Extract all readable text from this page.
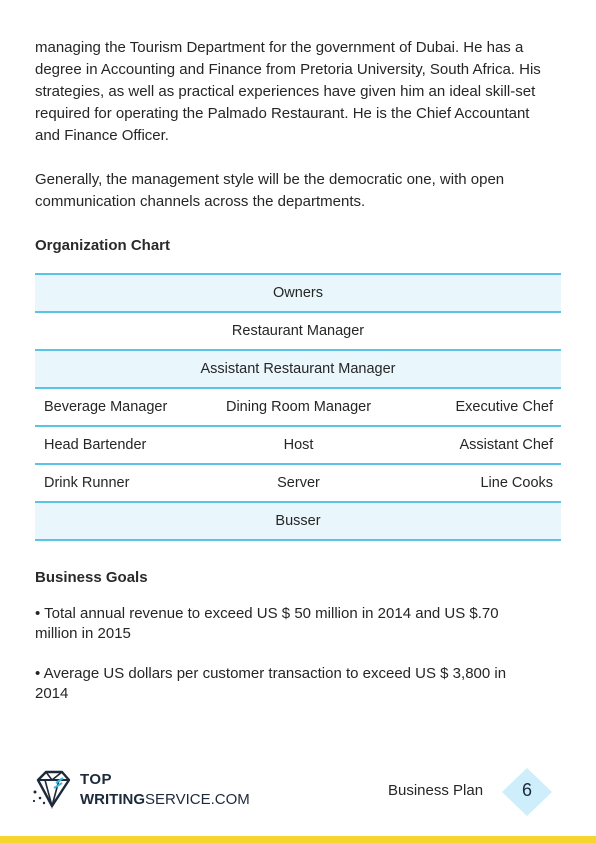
managing the Tourism Department for the government of Dubai. He has a
degree in Accounting and Finance from Pretoria University, South Africa. His
strategies, as well as practical experiences have given him an ideal skill-set
required for operating the Palmado Restaurant. He is the Chief Accountant
and Finance Officer.
Generally, the management style will be the democratic one, with open
communication channels across the departments.
Organization Chart
Owners
Restaurant Manager
Assistant Restaurant Manager
Beverage Manager	Dining Room Manager	Executive Chef
Head Bartender	Host	Assistant Chef
Drink Runner	Server	Line Cooks
Busser
Business Goals
• Total annual revenue to exceed US $ 50 million in 2014 and US $.70
million in 2015
• Average US dollars per customer transaction to exceed US $ 3,800 in
2014
TOP
WRITINGSERVICE.COM
Business Plan	6
